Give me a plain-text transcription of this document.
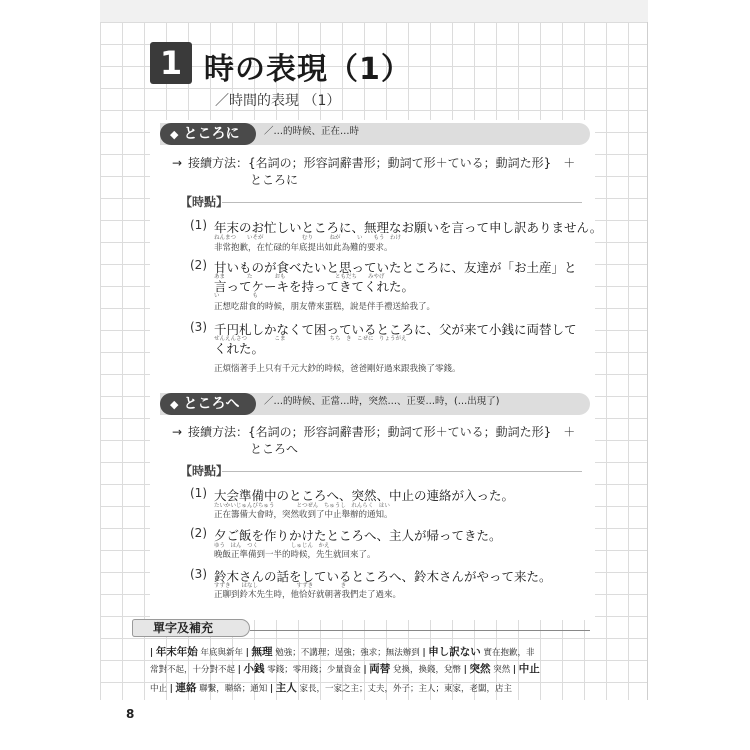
1 時の表現（1）
／時間的表現 （1）
◆ ところに	／…的時候、正在…時
→ 接續方法：{名詞の；形容詞辭書形；動詞て形＋ている；動詞た形}　＋
ところに
【時點】
(1) 年末のお忙しいところに、無理なお願いを言って申し訳ありません。
ねんまつ　　いそが　　　　　　　むり　　　ねが　　　い　　もう　わけ
非常抱歉，在忙碌的年底提出如此為難的要求。
(2) 甘いものが食べたいと思っていたところに、友達が「お土産」と
あま　　　　た　　　　おも　　　　　　　　　ともだち　　みやげ
言ってケーキを持ってきてくれた。
い　　　　　　も
正想吃甜食的時候，朋友帶來蛋糕，說是伴手禮送給我了。
(3) 千円札しかなくて困っているところに、父が来て小銭に両替して
せんえんさつ　　　　　こま　　　　　　　　ちち　き　こぜに　りょうがえ
くれた。
正煩惱著手上只有千元大鈔的時候，爸爸剛好過來跟我換了零錢。
◆ ところへ	／…的時候、正當…時，突然…、正要…時，(…出現了)
→ 接續方法：{名詞の；形容詞辭書形；動詞て形＋ている；動詞た形}　＋
ところへ
【時點】
(1) 大会準備中のところへ、突然、中止の連絡が入った。
たいかいじゅんびちゅう　　　　とつぜん　ちゅうし　れんらく　はい
正在籌備大會時，突然收到了中止舉辦的通知。
(2) 夕ご飯を作りかけたところへ、主人が帰ってきた。
ゆう　はん　つく　　　　　　しゅじん　かえ
晚飯正準備到一半的時候，先生就回來了。
(3) 鈴木さんの話をしているところへ、鈴木さんがやって来た。
すずき　　はなし　　　　　　　すずき　　　　　き
正聊到鈴木先生時，他恰好就朝著我們走了過來。
單字及補充
| 年末年始 年底與新年 | 無理 勉強；不講理；逞強；強求；無法辦到 | 申し訳ない 實在抱歉，非
常對不起，十分對不起 | 小銭 零錢；零用錢；少量資金 | 両替 兌換，換錢，兌幣 | 突然 突然 | 中止
中止 | 連絡 聯繫，聯絡；通知 | 主人 家長，一家之主；丈夫，外子；主人；東家，老闆，店主
8
